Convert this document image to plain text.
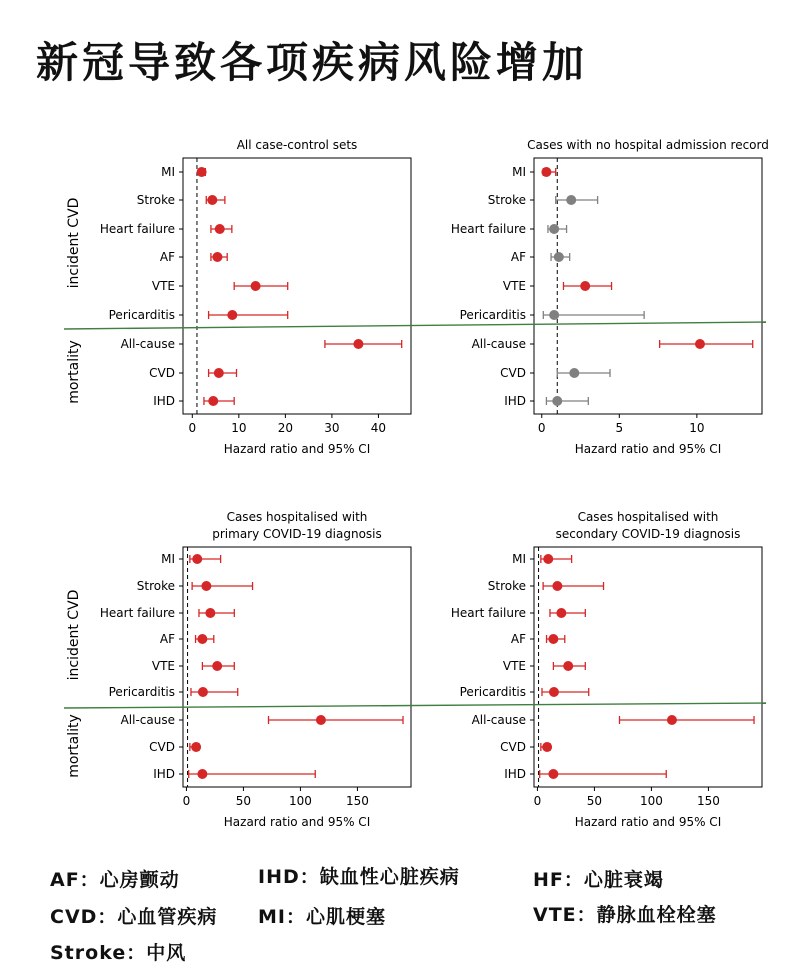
新冠导致各项疾病风险增加
All case-control sets
0	10	20	30	40
Hazard ratio and 95% CI
MI
Stroke
Heart failure
AF
VTE
Pericarditis
All-cause
CVD
IHD
Cases with no hospital admission record
0	5	10
Hazard ratio and 95% CI
MI
Stroke
Heart failure
AF
VTE
Pericarditis
All-cause
CVD
IHD
Cases hospitalised with
primary COVID-19 diagnosis
0	50	100	150
Hazard ratio and 95% CI
MI
Stroke
Heart failure
AF
VTE
Pericarditis
All-cause
CVD
IHD
Cases hospitalised with
secondary COVID-19 diagnosis
0	50	100	150
Hazard ratio and 95% CI
MI
Stroke
Heart failure
AF
VTE
Pericarditis
All-cause
CVD
IHD
incident CVD
incident CVD
mortality
mortality
AF：心房颤动	IHD：缺血性心脏疾病	HF：心脏衰竭
CVD：心血管疾病 MI：心肌梗塞	VTE：静脉血栓栓塞
Stroke：中风
